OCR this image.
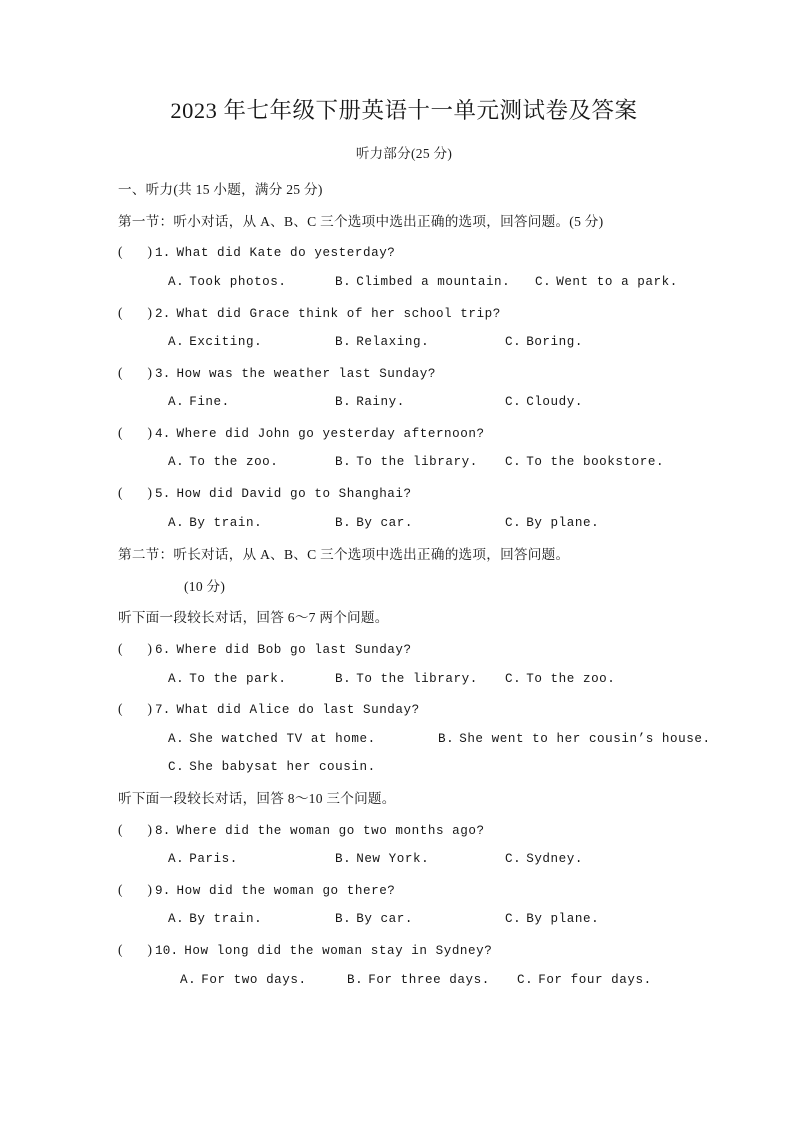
2023 年七年级下册英语十一单元测试卷及答案
听力部分(25 分)
一、听力(共 15 小题，满分 25 分)
第一节：听小对话，从 A、B、C 三个选项中选出正确的选项，回答问题。(5 分)
( ) 1. What did Kate do yesterday?
A. Took photos.	B. Climbed a mountain.	C. Went to a park.
( ) 2. What did Grace think of her school trip?
A. Exciting.	B. Relaxing.	C. Boring.
( ) 3. How was the weather last Sunday?
A. Fine.	B. Rainy.	C. Cloudy.
( ) 4. Where did John go yesterday afternoon?
A. To the zoo.	B. To the library.	C. To the bookstore.
( ) 5. How did David go to Shanghai?
A. By train.	B. By car.	C. By plane.
第二节：听长对话，从 A、B、C 三个选项中选出正确的选项，回答问题。
(10 分)
听下面一段较长对话，回答 6～7 两个问题。
( ) 6. Where did Bob go last Sunday?
A. To the park.	B. To the library.	C. To the zoo.
( ) 7. What did Alice do last Sunday?
A. She watched TV at home.	B. She went to her cousin’s house.
C. She babysat her cousin.
听下面一段较长对话，回答 8～10 三个问题。
( ) 8. Where did the woman go two months ago?
A. Paris.	B. New York.	C. Sydney.
( ) 9. How did the woman go there?
A. By train.	B. By car.	C. By plane.
( ) 10. How long did the woman stay in Sydney?
A. For two days.	B. For three days.	C. For four days.
